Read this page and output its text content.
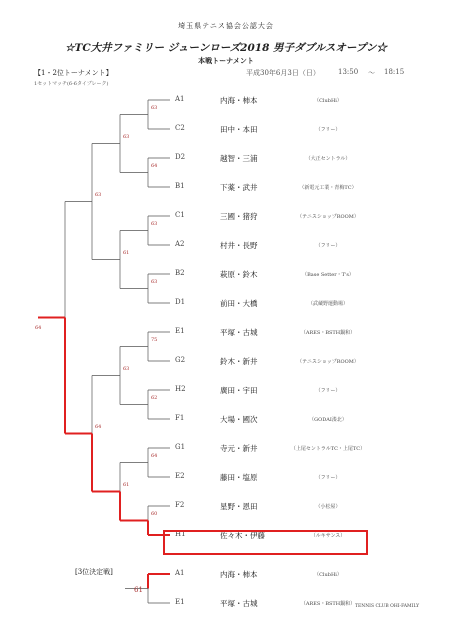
埼玉県テニス協会公認大会
☆TC大井ファミリー ジューンローズ2018 男子ダブルスオープン☆
本戦トーナメント
【1・2位トーナメント】
1セットマッチ(6-6タイブレーク)
平成30年6月3日（日）	13:50 ～ 18:15
A1	内海・柿本	（ClubHi）
C2	田中・本田	（フリー）
D2	越智・三浦	（大正セントラル）
B1	下薬・武井	（新電元工業・青梅TC）
C1	三國・猪狩	（テニスショップROOM）
A2	村井・長野	（フリー）
B2	萩原・鈴木	（Base Setter・T's）
D1	前田・大橋	（武蔵野運動場）
E1	平塚・古城	（ARES・BSTH鍋和）
G2	鈴木・新井	（テニスショップROOM）
H2	廣田・宇田	（フリー）
F1	大場・國次	（GODAI湊北）
G1	寺元・新井	（上尾セントラルTC・上尾TC）
E2	藤田・塩原	（フリー）
F2	星野・恩田	（小松屋）
H1	佐々木・伊藤	（ルキサンス）
A1	内海・柿本	（ClubHi）
E1	平塚・古城	（ARES・BSTH鍋和）
63
64
63
63
75
62
64
60
63
61
63
61
63
64
64
61
[3位決定戦]
TENNIS CLUB OHI-FAMILY
